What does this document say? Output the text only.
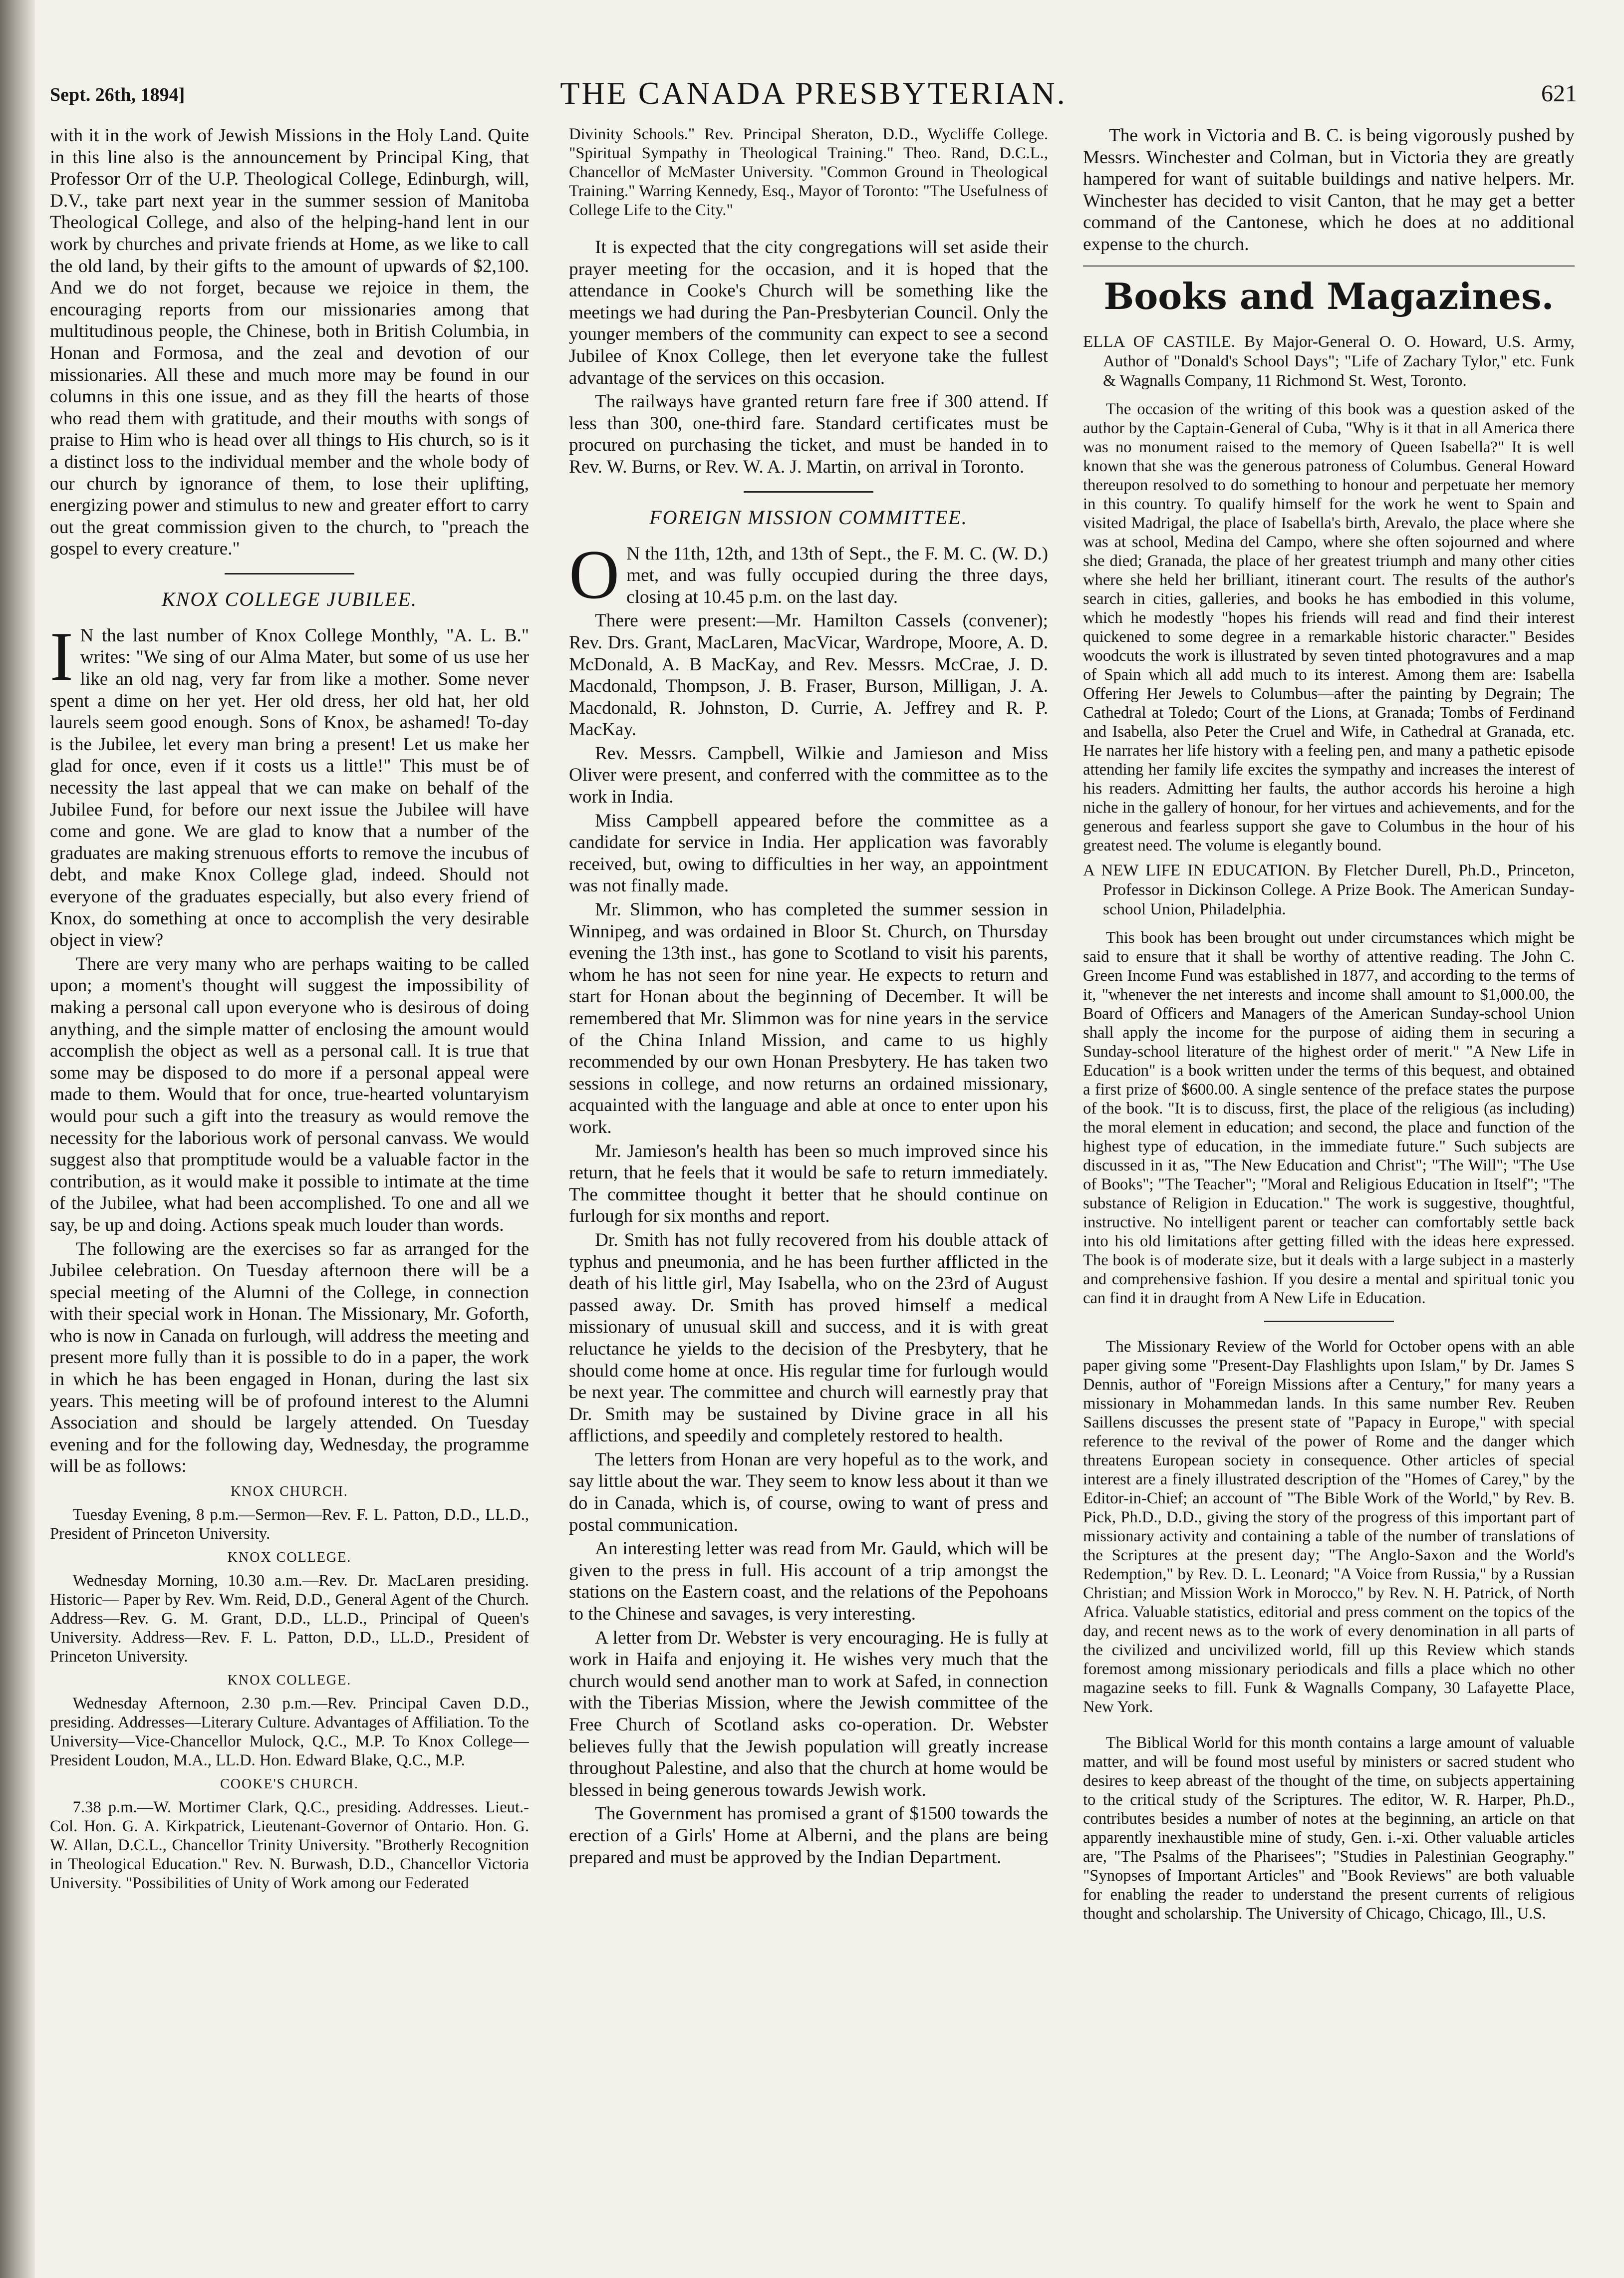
Sept. 26th, 1894]	THE CANADA PRESBYTERIAN.	621

with it in the work of Jewish Missions in the Holy Land. Quite in this line also is the announcement by Principal King, that Professor Orr of the U.P. Theological College, Edinburgh, will, D.V., take part next year in the summer session of Manitoba Theological College, and also of the helping-hand lent in our work by churches and private friends at Home, as we like to call the old land, by their gifts to the amount of upwards of $2,100. And we do not forget, because we rejoice in them, the encouraging reports from our missionaries among that multitudinous people, the Chinese, both in British Columbia, in Honan and Formosa, and the zeal and devotion of our missionaries. All these and much more may be found in our columns in this one issue, and as they fill the hearts of those who read them with gratitude, and their mouths with songs of praise to Him who is head over all things to His church, so is it a distinct loss to the individual member and the whole body of our church by ignorance of them, to lose their uplifting, energizing power and stimulus to new and greater effort to carry out the great commission given to the church, to "preach the gospel to every creature."

KNOX COLLEGE JUBILEE.

I N the last number of Knox College Monthly, "A. L. B." writes: "We sing of our Alma Mater, but some of us use her like an old nag, very far from like a mother. Some never spent a dime on her yet. Her old dress, her old hat, her old laurels seem good enough. Sons of Knox, be ashamed! To-day is the Jubilee, let every man bring a present! Let us make her glad for once, even if it costs us a little!" This must be of necessity the last appeal that we can make on behalf of the Jubilee Fund, for before our next issue the Jubilee will have come and gone. We are glad to know that a number of the graduates are making strenuous efforts to remove the incubus of debt, and make Knox College glad, indeed. Should not everyone of the graduates especially, but also every friend of Knox, do something at once to accomplish the very desirable object in view?

There are very many who are perhaps waiting to be called upon; a moment's thought will suggest the impossibility of making a personal call upon everyone who is desirous of doing anything, and the simple matter of enclosing the amount would accomplish the object as well as a personal call. It is true that some may be disposed to do more if a personal appeal were made to them. Would that for once, true-hearted voluntaryism would pour such a gift into the treasury as would remove the necessity for the laborious work of personal canvass. We would suggest also that promptitude would be a valuable factor in the contribution, as it would make it possible to intimate at the time of the Jubilee, what had been accomplished. To one and all we say, be up and doing. Actions speak much louder than words.

The following are the exercises so far as arranged for the Jubilee celebration. On Tuesday afternoon there will be a special meeting of the Alumni of the College, in connection with their special work in Honan. The Missionary, Mr. Goforth, who is now in Canada on furlough, will address the meeting and present more fully than it is possible to do in a paper, the work in which he has been engaged in Honan, during the last six years. This meeting will be of profound interest to the Alumni Association and should be largely attended. On Tuesday evening and for the following day, Wednesday, the programme will be as follows:

KNOX CHURCH.

Tuesday Evening, 8 p.m.—Sermon—Rev. F. L. Patton, D.D., LL.D., President of Princeton University.

KNOX COLLEGE.

Wednesday Morning, 10.30 a.m.—Rev. Dr. MacLaren presiding. Historic— Paper by Rev. Wm. Reid, D.D., General Agent of the Church. Address—Rev. G. M. Grant, D.D., LL.D., Principal of Queen's University. Address—Rev. F. L. Patton, D.D., LL.D., President of Princeton University.

KNOX COLLEGE.

Wednesday Afternoon, 2.30 p.m.—Rev. Principal Caven D.D., presiding. Addresses—Literary Culture. Advantages of Affiliation. To the University—Vice-Chancellor Mulock, Q.C., M.P. To Knox College—President Loudon, M.A., LL.D. Hon. Edward Blake, Q.C., M.P.

COOKE'S CHURCH.

7.38 p.m.—W. Mortimer Clark, Q.C., presiding. Addresses. Lieut.-Col. Hon. G. A. Kirkpatrick, Lieutenant-Governor of Ontario. Hon. G. W. Allan, D.C.L., Chancellor Trinity University. "Brotherly Recognition in Theological Education." Rev. N. Burwash, D.D., Chancellor Victoria University. "Possibilities of Unity of Work among our Federated

Divinity Schools." Rev. Principal Sheraton, D.D., Wycliffe College. "Spiritual Sympathy in Theological Training." Theo. Rand, D.C.L., Chancellor of McMaster University. "Common Ground in Theological Training." Warring Kennedy, Esq., Mayor of Toronto: "The Usefulness of College Life to the City."

It is expected that the city congregations will set aside their prayer meeting for the occasion, and it is hoped that the attendance in Cooke's Church will be something like the meetings we had during the Pan-Presbyterian Council. Only the younger members of the community can expect to see a second Jubilee of Knox College, then let everyone take the fullest advantage of the services on this occasion.

The railways have granted return fare free if 300 attend. If less than 300, one-third fare. Standard certificates must be procured on purchasing the ticket, and must be handed in to Rev. W. Burns, or Rev. W. A. J. Martin, on arrival in Toronto.

FOREIGN MISSION COMMITTEE.

O N the 11th, 12th, and 13th of Sept., the F. M. C. (W. D.) met, and was fully occupied during the three days, closing at 10.45 p.m. on the last day.

There were present:—Mr. Hamilton Cassels (convener); Rev. Drs. Grant, MacLaren, MacVicar, Wardrope, Moore, A. D. McDonald, A. B MacKay, and Rev. Messrs. McCrae, J. D. Macdonald, Thompson, J. B. Fraser, Burson, Milligan, J. A. Macdonald, R. Johnston, D. Currie, A. Jeffrey and R. P. MacKay.

Rev. Messrs. Campbell, Wilkie and Jamieson and Miss Oliver were present, and conferred with the committee as to the work in India.

Miss Campbell appeared before the committee as a candidate for service in India. Her application was favorably received, but, owing to difficulties in her way, an appointment was not finally made.

Mr. Slimmon, who has completed the summer session in Winnipeg, and was ordained in Bloor St. Church, on Thursday evening the 13th inst., has gone to Scotland to visit his parents, whom he has not seen for nine year. He expects to return and start for Honan about the beginning of December. It will be remembered that Mr. Slimmon was for nine years in the service of the China Inland Mission, and came to us highly recommended by our own Honan Presbytery. He has taken two sessions in college, and now returns an ordained missionary, acquainted with the language and able at once to enter upon his work.

Mr. Jamieson's health has been so much improved since his return, that he feels that it would be safe to return immediately. The committee thought it better that he should continue on furlough for six months and report.

Dr. Smith has not fully recovered from his double attack of typhus and pneumonia, and he has been further afflicted in the death of his little girl, May Isabella, who on the 23rd of August passed away. Dr. Smith has proved himself a medical missionary of unusual skill and success, and it is with great reluctance he yields to the decision of the Presbytery, that he should come home at once. His regular time for furlough would be next year. The committee and church will earnestly pray that Dr. Smith may be sustained by Divine grace in all his afflictions, and speedily and completely restored to health.

The letters from Honan are very hopeful as to the work, and say little about the war. They seem to know less about it than we do in Canada, which is, of course, owing to want of press and postal communication.

An interesting letter was read from Mr. Gauld, which will be given to the press in full. His account of a trip amongst the stations on the Eastern coast, and the relations of the Pepohoans to the Chinese and savages, is very interesting.

A letter from Dr. Webster is very encouraging. He is fully at work in Haifa and enjoying it. He wishes very much that the church would send another man to work at Safed, in connection with the Tiberias Mission, where the Jewish committee of the Free Church of Scotland asks co-operation. Dr. Webster believes fully that the Jewish population will greatly increase throughout Palestine, and also that the church at home would be blessed in being generous towards Jewish work.

The Government has promised a grant of $1500 towards the erection of a Girls' Home at Alberni, and the plans are being prepared and must be approved by the Indian Department.

The work in Victoria and B. C. is being vigorously pushed by Messrs. Winchester and Colman, but in Victoria they are greatly hampered for want of suitable buildings and native helpers. Mr. Winchester has decided to visit Canton, that he may get a better command of the Cantonese, which he does at no additional expense to the church.

Books and Magazines.
ELLA OF CASTILE. By Major-General O. O. Howard, U.S. Army, Author of "Donald's School Days"; "Life of Zachary Tylor," etc. Funk & Wagnalls Company, 11 Richmond St. West, Toronto.

The occasion of the writing of this book was a question asked of the author by the Captain-General of Cuba, "Why is it that in all America there was no monument raised to the memory of Queen Isabella?" It is well known that she was the generous patroness of Columbus. General Howard thereupon resolved to do something to honour and perpetuate her memory in this country. To qualify himself for the work he went to Spain and visited Madrigal, the place of Isabella's birth, Arevalo, the place where she was at school, Medina del Campo, where she often sojourned and where she died; Granada, the place of her greatest triumph and many other cities where she held her brilliant, itinerant court. The results of the author's search in cities, galleries, and books he has embodied in this volume, which he modestly "hopes his friends will read and find their interest quickened to some degree in a remarkable historic character." Besides woodcuts the work is illustrated by seven tinted photogravures and a map of Spain which all add much to its interest. Among them are: Isabella Offering Her Jewels to Columbus—after the painting by Degrain; The Cathedral at Toledo; Court of the Lions, at Granada; Tombs of Ferdinand and Isabella, also Peter the Cruel and Wife, in Cathedral at Granada, etc. He narrates her life history with a feeling pen, and many a pathetic episode attending her family life excites the sympathy and increases the interest of his readers. Admitting her faults, the author accords his heroine a high niche in the gallery of honour, for her virtues and achievements, and for the generous and fearless support she gave to Columbus in the hour of his greatest need. The volume is elegantly bound.

A NEW LIFE IN EDUCATION. By Fletcher Durell, Ph.D., Princeton, Professor in Dickinson College. A Prize Book. The American Sunday-school Union, Philadelphia.

This book has been brought out under circumstances which might be said to ensure that it shall be worthy of attentive reading. The John C. Green Income Fund was established in 1877, and according to the terms of it, "whenever the net interests and income shall amount to $1,000.00, the Board of Officers and Managers of the American Sunday-school Union shall apply the income for the purpose of aiding them in securing a Sunday-school literature of the highest order of merit." "A New Life in Education" is a book written under the terms of this bequest, and obtained a first prize of $600.00. A single sentence of the preface states the purpose of the book. "It is to discuss, first, the place of the religious (as including) the moral element in education; and second, the place and function of the highest type of education, in the immediate future." Such subjects are discussed in it as, "The New Education and Christ"; "The Will"; "The Use of Books"; "The Teacher"; "Moral and Religious Education in Itself"; "The substance of Religion in Education." The work is suggestive, thoughtful, instructive. No intelligent parent or teacher can comfortably settle back into his old limitations after getting filled with the ideas here expressed. The book is of moderate size, but it deals with a large subject in a masterly and comprehensive fashion. If you desire a mental and spiritual tonic you can find it in draught from A New Life in Education.

The Missionary Review of the World for October opens with an able paper giving some "Present-Day Flashlights upon Islam," by Dr. James S Dennis, author of "Foreign Missions after a Century," for many years a missionary in Mohammedan lands. In this same number Rev. Reuben Saillens discusses the present state of "Papacy in Europe," with special reference to the revival of the power of Rome and the danger which threatens European society in consequence. Other articles of special interest are a finely illustrated description of the "Homes of Carey," by the Editor-in-Chief; an account of "The Bible Work of the World," by Rev. B. Pick, Ph.D., D.D., giving the story of the progress of this important part of missionary activity and containing a table of the number of translations of the Scriptures at the present day; "The Anglo-Saxon and the World's Redemption," by Rev. D. L. Leonard; "A Voice from Russia," by a Russian Christian; and Mission Work in Morocco," by Rev. N. H. Patrick, of North Africa. Valuable statistics, editorial and press comment on the topics of the day, and recent news as to the work of every denomination in all parts of the civilized and uncivilized world, fill up this Review which stands foremost among missionary periodicals and fills a place which no other magazine seeks to fill. Funk & Wagnalls Company, 30 Lafayette Place, New York.

The Biblical World for this month contains a large amount of valuable matter, and will be found most useful by ministers or sacred student who desires to keep abreast of the thought of the time, on subjects appertaining to the critical study of the Scriptures. The editor, W. R. Harper, Ph.D., contributes besides a number of notes at the beginning, an article on that apparently inexhaustible mine of study, Gen. i.-xi. Other valuable articles are, "The Psalms of the Pharisees"; "Studies in Palestinian Geography." "Synopses of Important Articles" and "Book Reviews" are both valuable for enabling the reader to understand the present currents of religious thought and scholarship. The University of Chicago, Chicago, Ill., U.S.
